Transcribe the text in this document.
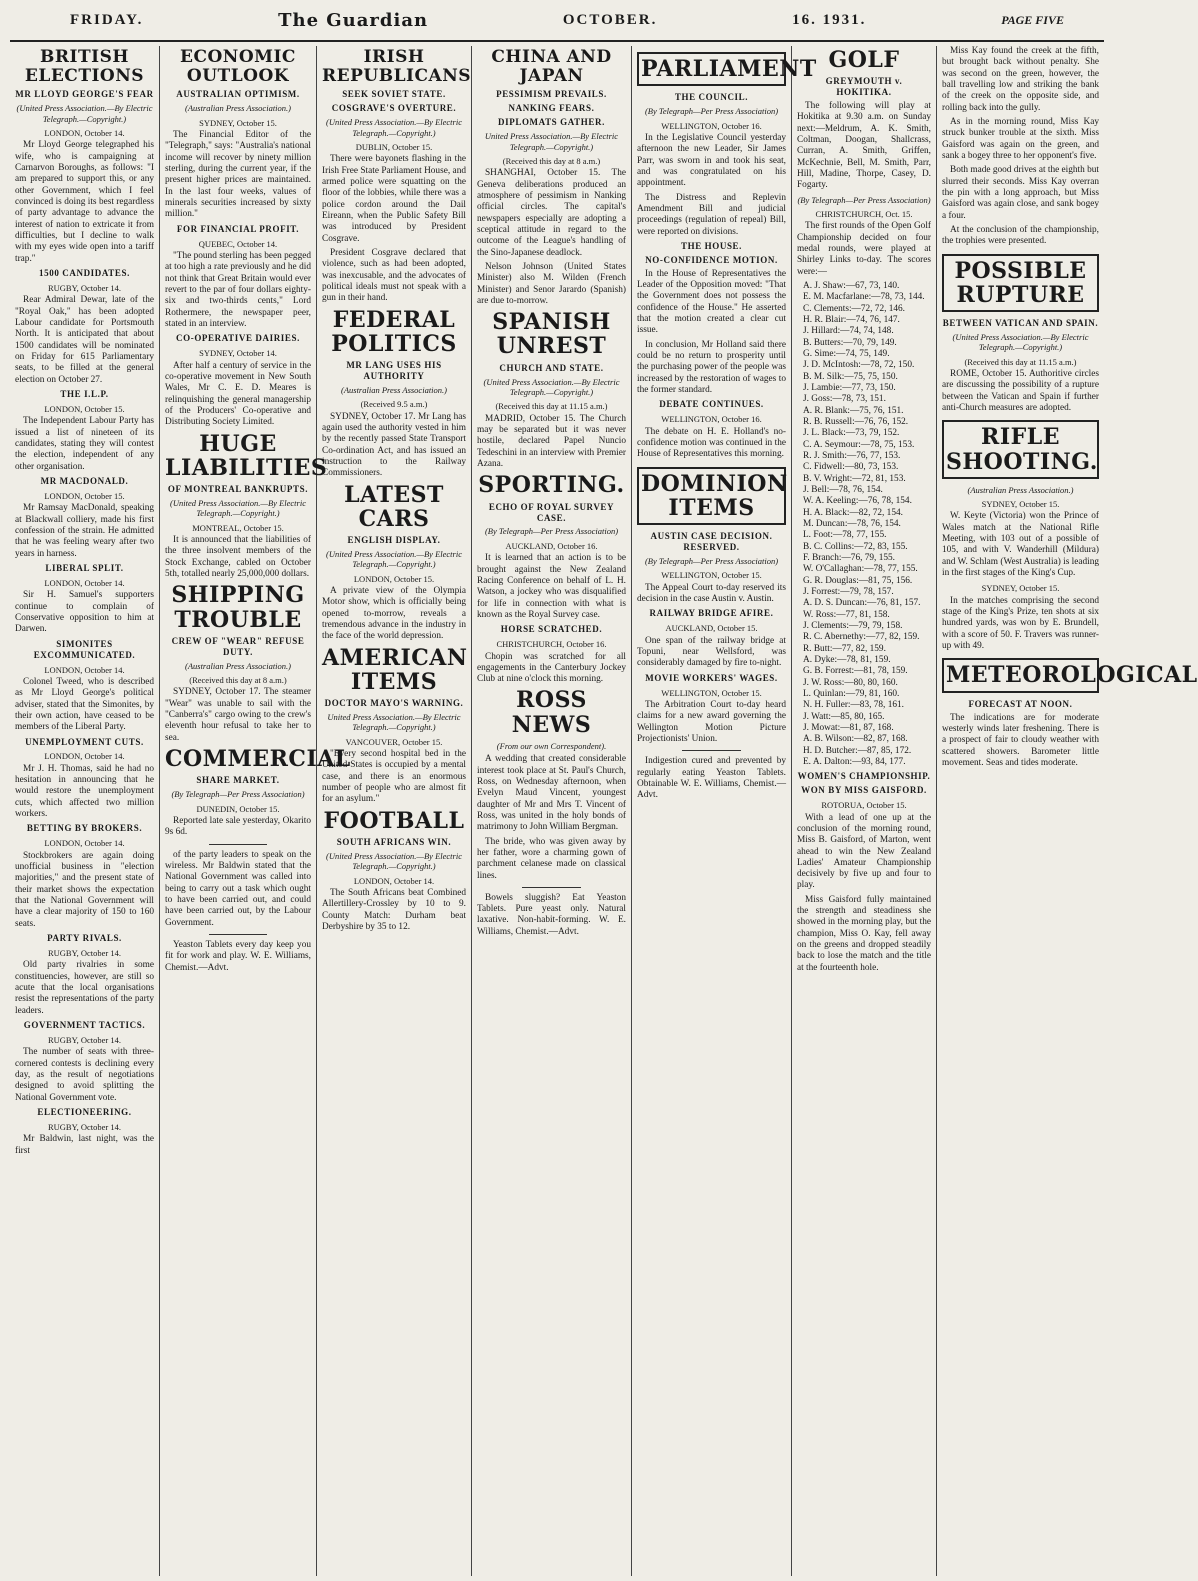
FRIDAY.	The Guardian	OCTOBER.	16. 1931.	PAGE FIVE
BRITISH ELECTIONS
MR LLOYD GEORGE'S FEAR
(United Press Association.—By Electric Telegraph.—Copyright.)
LONDON, October 14.

Mr Lloyd George telegraphed his wife, who is campaigning at Carnarvon Boroughs, as follows: "I am prepared to support this, or any other Government, which I feel convinced is doing its best regardless of party advantage to advance the interest of nation to extricate it from difficulties, but I decline to walk with my eyes wide open into a tariff trap."

1500 CANDIDATES.
RUGBY, October 14.

Rear Admiral Dewar, late of the "Royal Oak," has been adopted Labour candidate for Portsmouth North. It is anticipated that about 1500 candidates will be nominated on Friday for 615 Parliamentary seats, to be filled at the general election on October 27.

THE I.L.P.
LONDON, October 15.

The Independent Labour Party has issued a list of nineteen of its candidates, stating they will contest the election, independent of any other organisation.

MR MACDONALD.
LONDON, October 15.

Mr Ramsay MacDonald, speaking at Blackwall colliery, made his first confession of the strain. He admitted that he was feeling weary after two years in harness.

LIBERAL SPLIT.
LONDON, October 14.

Sir H. Samuel's supporters continue to complain of Conservative opposition to him at Darwen.

SIMONITES EXCOMMUNICATED.
LONDON, October 14.

Colonel Tweed, who is described as Mr Lloyd George's political adviser, stated that the Simonites, by their own action, have ceased to be members of the Liberal Party.

UNEMPLOYMENT CUTS.
LONDON, October 14.

Mr J. H. Thomas, said he had no hesitation in announcing that he would restore the unemployment cuts, which affected two million workers.

BETTING BY BROKERS.
LONDON, October 14.

Stockbrokers are again doing unofficial business in "election majorities," and the present state of their market shows the expectation that the National Government will have a clear majority of 150 to 160 seats.

PARTY RIVALS.
RUGBY, October 14.

Old party rivalries in some constituencies, however, are still so acute that the local organisations resist the representations of the party leaders.

GOVERNMENT TACTICS.
RUGBY, October 14.

The number of seats with three-cornered contests is declining every day, as the result of negotiations designed to avoid splitting the National Government vote.

ELECTIONEERING.
RUGBY, October 14.

Mr Baldwin, last night, was the first

ECONOMIC OUTLOOK
AUSTRALIAN OPTIMISM.
(Australian Press Association.)
SYDNEY, October 15.

The Financial Editor of the "Telegraph," says: "Australia's national income will recover by ninety million sterling, during the current year, if the present higher prices are maintained. In the last four weeks, values of minerals securities increased by sixty million."

FOR FINANCIAL PROFIT.
QUEBEC, October 14.

"The pound sterling has been pegged at too high a rate previously and he did not think that Great Britain would ever revert to the par of four dollars eighty-six and two-thirds cents," Lord Rothermere, the newspaper peer, stated in an interview.

CO-OPERATIVE DAIRIES.
SYDNEY, October 14.

After half a century of service in the co-operative movement in New South Wales, Mr C. E. D. Meares is relinquishing the general managership of the Producers' Co-operative and Distributing Society Limited.

HUGE LIABILITIES
OF MONTREAL BANKRUPTS.
(United Press Association.—By Electric Telegraph.—Copyright.)
MONTREAL, October 15.

It is announced that the liabilities of the three insolvent members of the Stock Exchange, cabled on October 5th, totalled nearly 25,000,000 dollars.

SHIPPING TROUBLE
CREW OF "WEAR" REFUSE DUTY.
(Australian Press Association.)
(Received this day at 8 a.m.)

SYDNEY, October 17. The steamer "Wear" was unable to sail with the "Canberra's" cargo owing to the crew's eleventh hour refusal to take her to sea.

COMMERCIAL
SHARE MARKET.
(By Telegraph—Per Press Association)
DUNEDIN, October 15.

Reported late sale yesterday, Okarito 9s 6d.

of the party leaders to speak on the wireless. Mr Baldwin stated that the National Government was called into being to carry out a task which ought to have been carried out, and could have been carried out, by the Labour Government.

Yeaston Tablets every day keep you fit for work and play. W. E. Williams, Chemist.—Advt.

IRISH REPUBLICANS
SEEK SOVIET STATE.
COSGRAVE'S OVERTURE.
(United Press Association.—By Electric Telegraph.—Copyright.)
DUBLIN, October 15.

There were bayonets flashing in the Irish Free State Parliament House, and armed police were squatting on the floor of the lobbies, while there was a police cordon around the Dail Eireann, when the Public Safety Bill was introduced by President Cosgrave.

President Cosgrave declared that violence, such as had been adopted, was inexcusable, and the advocates of political ideals must not speak with a gun in their hand.

FEDERAL POLITICS
MR LANG USES HIS AUTHORITY
(Australian Press Association.)
(Received 9.5 a.m.)

SYDNEY, October 17. Mr Lang has again used the authority vested in him by the recently passed State Transport Co-ordination Act, and has issued an instruction to the Railway Commissioners.

LATEST CARS
ENGLISH DISPLAY.
(United Press Association.—By Electric Telegraph.—Copyright.)
LONDON, October 15.

A private view of the Olympia Motor show, which is officially being opened to-morrow, reveals a tremendous advance in the industry in the face of the world depression.

AMERICAN ITEMS
DOCTOR MAYO'S WARNING.
United Press Association.—By Electric Telegraph.—Copyright.)
VANCOUVER, October 15.

"Every second hospital bed in the United States is occupied by a mental case, and there is an enormous number of people who are almost fit for an asylum."

FOOTBALL
SOUTH AFRICANS WIN.
(United Press Association.—By Electric Telegraph.—Copyright.)
LONDON, October 14.

The South Africans beat Combined Allertillery-Crossley by 10 to 9. County Match: Durham beat Derbyshire by 35 to 12.

CHINA AND JAPAN
PESSIMISM PREVAILS.
NANKING FEARS.
DIPLOMATS GATHER.
United Press Association.—By Electric Telegraph.—Copyright.)
(Received this day at 8 a.m.)

SHANGHAI, October 15. The Geneva deliberations produced an atmosphere of pessimism in Nanking official circles. The capital's newspapers especially are adopting a sceptical attitude in regard to the outcome of the League's handling of the Sino-Japanese deadlock.

Nelson Johnson (United States Minister) also M. Wilden (French Minister) and Senor Jarardo (Spanish) are due to-morrow.

SPANISH UNREST
CHURCH AND STATE.
(United Press Association.—By Electric Telegraph.—Copyright.)
(Received this day at 11.15 a.m.)

MADRID, October 15. The Church may be separated but it was never hostile, declared Papel Nuncio Tedeschini in an interview with Premier Azana.

SPORTING.
ECHO OF ROYAL SURVEY CASE.
(By Telegraph—Per Press Association)
AUCKLAND, October 16.

It is learned that an action is to be brought against the New Zealand Racing Conference on behalf of L. H. Watson, a jockey who was disqualified for life in connection with what is known as the Royal Survey case.

HORSE SCRATCHED.
CHRISTCHURCH, October 16.

Chopin was scratched for all engagements in the Canterbury Jockey Club at nine o'clock this morning.

ROSS NEWS
(From our own Correspondent).

A wedding that created considerable interest took place at St. Paul's Church, Ross, on Wednesday afternoon, when Evelyn Maud Vincent, youngest daughter of Mr and Mrs T. Vincent of Ross, was united in the holy bonds of matrimony to John William Bergman.

The bride, who was given away by her father, wore a charming gown of parchment celanese made on classical lines.

Bowels sluggish? Eat Yeaston Tablets. Pure yeast only. Natural laxative. Non-habit-forming. W. E. Williams, Chemist.—Advt.

PARLIAMENT
THE COUNCIL.
(By Telegraph—Per Press Association)
WELLINGTON, October 16.

In the Legislative Council yesterday afternoon the new Leader, Sir James Parr, was sworn in and took his seat, and was congratulated on his appointment.

The Distress and Replevin Amendment Bill and judicial proceedings (regulation of repeal) Bill, were reported on divisions.

THE HOUSE.
NO-CONFIDENCE MOTION.

In the House of Representatives the Leader of the Opposition moved: "That the Government does not possess the confidence of the House." He asserted that the motion created a clear cut issue.

In conclusion, Mr Holland said there could be no return to prosperity until the purchasing power of the people was increased by the restoration of wages to the former standard.

DEBATE CONTINUES.
WELLINGTON, October 16.

The debate on H. E. Holland's no-confidence motion was continued in the House of Representatives this morning.

DOMINION ITEMS
AUSTIN CASE DECISION. RESERVED.
(By Telegraph—Per Press Association)
WELLINGTON, October 15.

The Appeal Court to-day reserved its decision in the case Austin v. Austin.

RAILWAY BRIDGE AFIRE.
AUCKLAND, October 15.

One span of the railway bridge at Topuni, near Wellsford, was considerably damaged by fire to-night.

MOVIE WORKERS' WAGES.
WELLINGTON, October 15.

The Arbitration Court to-day heard claims for a new award governing the Wellington Motion Picture Projectionists' Union.

Indigestion cured and prevented by regularly eating Yeaston Tablets. Obtainable W. E. Williams, Chemist.—Advt.

GOLF
GREYMOUTH v. HOKITIKA.

The following will play at Hokitika at 9.30 a.m. on Sunday next:—Meldrum, A. K. Smith, Coltman, Doogan, Shallcrass, Curran, A. Smith, Griffen, McKechnie, Bell, M. Smith, Parr, Hill, Madine, Thorpe, Casey, D. Fogarty.

(By Telegraph—Per Press Association)
CHRISTCHURCH, Oct. 15.

The first rounds of the Open Golf Championship decided on four medal rounds, were played at Shirley Links to-day. The scores were:—

A. J. Shaw:—67, 73, 140.
E. M. Macfarlane:—78, 73, 144.
C. Clements:—72, 72, 146.
H. R. Blair:—74, 76, 147.
J. Hillard:—74, 74, 148.
B. Butters:—70, 79, 149.
G. Sime:—74, 75, 149.
J. D. McIntosh:—78, 72, 150.
B. M. Silk:—75, 75, 150.
J. Lambie:—77, 73, 150.
J. Goss:—78, 73, 151.
A. R. Blank:—75, 76, 151.
R. B. Russell:—76, 76, 152.
J. L. Black:—73, 79, 152.
C. A. Seymour:—78, 75, 153.
R. J. Smith:—76, 77, 153.
C. Fidwell:—80, 73, 153.
B. V. Wright:—72, 81, 153.
J. Bell:—78, 76, 154.
W. A. Keeling:—76, 78, 154.
H. A. Black:—82, 72, 154.
M. Duncan:—78, 76, 154.
L. Foot:—78, 77, 155.
B. C. Collins:—72, 83, 155.
F. Branch:—76, 79, 155.
W. O'Callaghan:—78, 77, 155.
G. R. Douglas:—81, 75, 156.
J. Forrest:—79, 78, 157.
A. D. S. Duncan:—76, 81, 157.
W. Ross:—77, 81, 158.
J. Clements:—79, 79, 158.
R. C. Abernethy:—77, 82, 159.
R. Butt:—77, 82, 159.
A. Dyke:—78, 81, 159.
G. B. Forrest:—81, 78, 159.
J. W. Ross:—80, 80, 160.
L. Quinlan:—79, 81, 160.
N. H. Fuller:—83, 78, 161.
J. Watt:—85, 80, 165.
J. Mowat:—81, 87, 168.
A. B. Wilson:—82, 87, 168.
H. D. Butcher:—87, 85, 172.
E. A. Dalton:—93, 84, 177.
WOMEN'S CHAMPIONSHIP.
WON BY MISS GAISFORD.
ROTORUA, October 15.

With a lead of one up at the conclusion of the morning round, Miss B. Gaisford, of Marton, went ahead to win the New Zealand Ladies' Amateur Championship decisively by five up and four to play.

Miss Gaisford fully maintained the strength and steadiness she showed in the morning play, but the champion, Miss O. Kay, fell away on the greens and dropped steadily back to lose the match and the title at the fourteenth hole.

Miss Kay found the creek at the fifth, but brought back without penalty. She was second on the green, however, the ball travelling low and striking the bank of the creek on the opposite side, and rolling back into the gully.

As in the morning round, Miss Kay struck bunker trouble at the sixth. Miss Gaisford was again on the green, and sank a bogey three to her opponent's five.

Both made good drives at the eighth but slurred their seconds. Miss Kay overran the pin with a long approach, but Miss Gaisford was again close, and sank bogey a four.

At the conclusion of the championship, the trophies were presented.

POSSIBLE RUPTURE
BETWEEN VATICAN AND SPAIN.
(United Press Association.—By Electric Telegraph.—Copyright.)
(Received this day at 11.15 a.m.)

ROME, October 15. Authoritive circles are discussing the possibility of a rupture between the Vatican and Spain if further anti-Church measures are adopted.

RIFLE SHOOTING.
(Australian Press Association.)
SYDNEY, October 15.

W. Keyte (Victoria) won the Prince of Wales match at the National Rifle Meeting, with 103 out of a possible of 105, and with V. Wanderhill (Mildura) and W. Schlam (West Australia) is leading in the first stages of the King's Cup.

SYDNEY, October 15.

In the matches comprising the second stage of the King's Prize, ten shots at six hundred yards, was won by E. Brundell, with a score of 50. F. Travers was runner-up with 49.

METEOROLOGICAL
FORECAST AT NOON.

The indications are for moderate westerly winds later freshening. There is a prospect of fair to cloudy weather with scattered showers. Barometer little movement. Seas and tides moderate.
